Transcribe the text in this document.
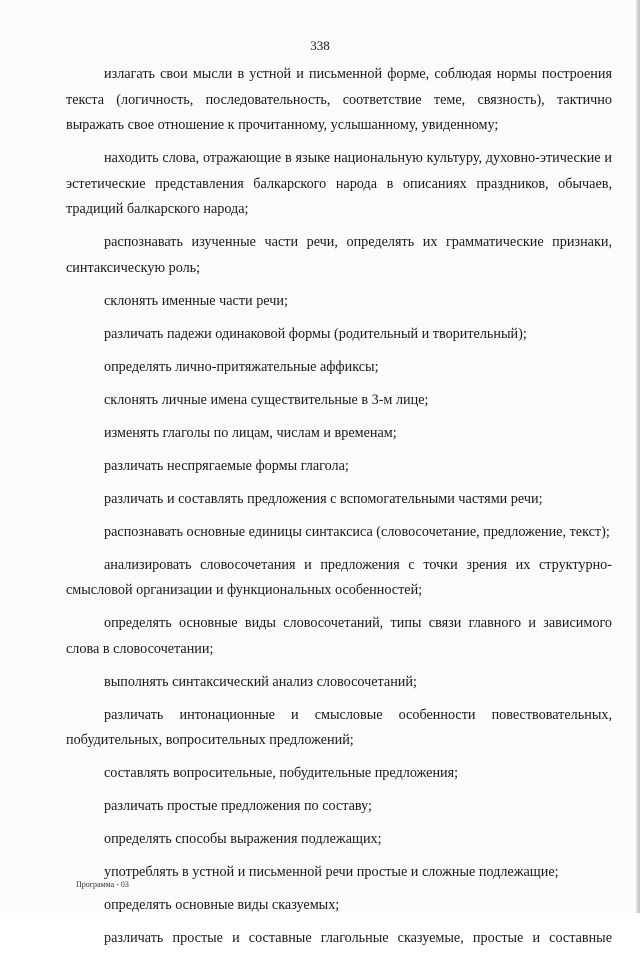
338

излагать свои мысли в устной и письменной форме, соблюдая нормы построения текста (логичность, последовательность, соответствие теме, связность), тактично выражать свое отношение к прочитанному, услышанному, увиденному;

находить слова, отражающие в языке национальную культуру, духовно-этические и эстетические представления балкарского народа в описаниях праздников, обычаев, традиций балкарского народа;

распознавать изученные части речи, определять их грамматические признаки, синтаксическую роль;

склонять именные части речи;

различать падежи одинаковой формы (родительный и творительный);

определять лично-притяжательные аффиксы;

склонять личные имена существительные в 3-м лице;

изменять глаголы по лицам, числам и временам;

различать неспрягаемые формы глагола;

различать и составлять предложения с вспомогательными частями речи;

распознавать основные единицы синтаксиса (словосочетание, предложение, текст);

анализировать словосочетания и предложения с точки зрения их структурно-смысловой организации и функциональных особенностей;

определять основные виды словосочетаний, типы связи главного и зависимого слова в словосочетании;

выполнять синтаксический анализ словосочетаний;

различать интонационные и смысловые особенности повествовательных, побудительных, вопросительных предложений;

составлять вопросительные, побудительные предложения;

различать простые предложения по составу;

определять способы выражения подлежащих;

употреблять в устной и письменной речи простые и сложные подлежащие;

определять основные виды сказуемых;

различать простые и составные глагольные сказуемые, простые и составные

Программа - 03
